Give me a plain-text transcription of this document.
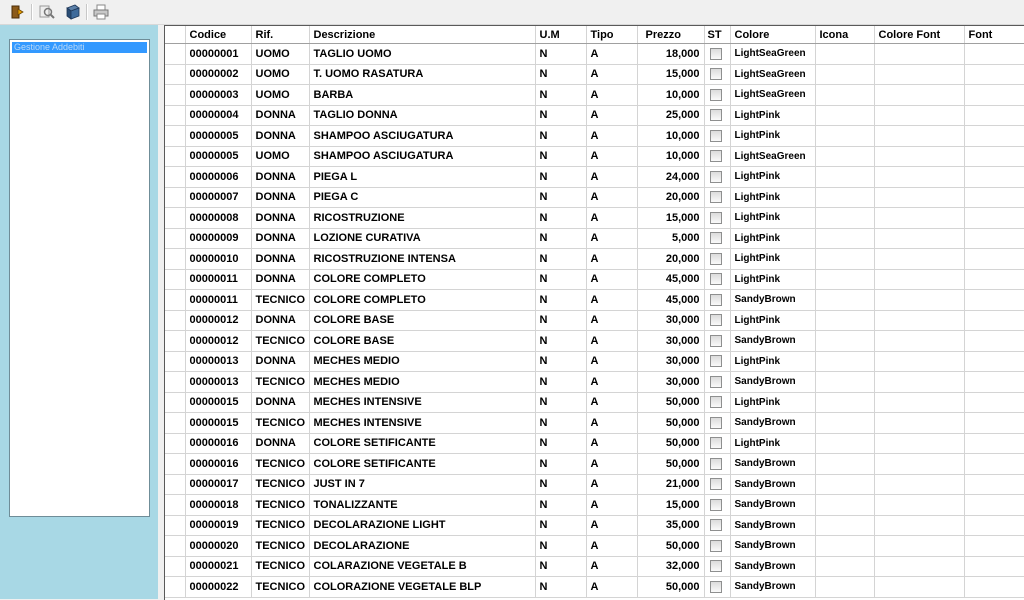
Gestione Addebiti
	Codice	Rif.	Descrizione	U.M	Tipo	Prezzo	ST	Colore	Icona	Colore Font	Font
	00000001	UOMO	TAGLIO UOMO	N	A	18,000		LightSeaGreen			
	00000002	UOMO	T. UOMO RASATURA	N	A	15,000		LightSeaGreen			
	00000003	UOMO	BARBA	N	A	10,000		LightSeaGreen			
	00000004	DONNA	TAGLIO DONNA	N	A	25,000		LightPink			
	00000005	DONNA	SHAMPOO ASCIUGATURA	N	A	10,000		LightPink			
	00000005	UOMO	SHAMPOO ASCIUGATURA	N	A	10,000		LightSeaGreen			
	00000006	DONNA	PIEGA L	N	A	24,000		LightPink			
	00000007	DONNA	PIEGA C	N	A	20,000		LightPink			
	00000008	DONNA	RICOSTRUZIONE	N	A	15,000		LightPink			
	00000009	DONNA	LOZIONE CURATIVA	N	A	5,000		LightPink			
	00000010	DONNA	RICOSTRUZIONE INTENSA	N	A	20,000		LightPink			
	00000011	DONNA	COLORE COMPLETO	N	A	45,000		LightPink			
	00000011	TECNICO	COLORE COMPLETO	N	A	45,000		SandyBrown			
	00000012	DONNA	COLORE BASE	N	A	30,000		LightPink			
	00000012	TECNICO	COLORE BASE	N	A	30,000		SandyBrown			
	00000013	DONNA	MECHES MEDIO	N	A	30,000		LightPink			
	00000013	TECNICO	MECHES MEDIO	N	A	30,000		SandyBrown			
	00000015	DONNA	MECHES INTENSIVE	N	A	50,000		LightPink			
	00000015	TECNICO	MECHES INTENSIVE	N	A	50,000		SandyBrown			
	00000016	DONNA	COLORE SETIFICANTE	N	A	50,000		LightPink			
	00000016	TECNICO	COLORE SETIFICANTE	N	A	50,000		SandyBrown			
	00000017	TECNICO	JUST IN 7	N	A	21,000		SandyBrown			
	00000018	TECNICO	TONALIZZANTE	N	A	15,000		SandyBrown			
	00000019	TECNICO	DECOLARAZIONE LIGHT	N	A	35,000		SandyBrown			
	00000020	TECNICO	DECOLARAZIONE	N	A	50,000		SandyBrown			
	00000021	TECNICO	COLARAZIONE VEGETALE B	N	A	32,000		SandyBrown			
	00000022	TECNICO	COLORAZIONE VEGETALE BLP	N	A	50,000		SandyBrown			
